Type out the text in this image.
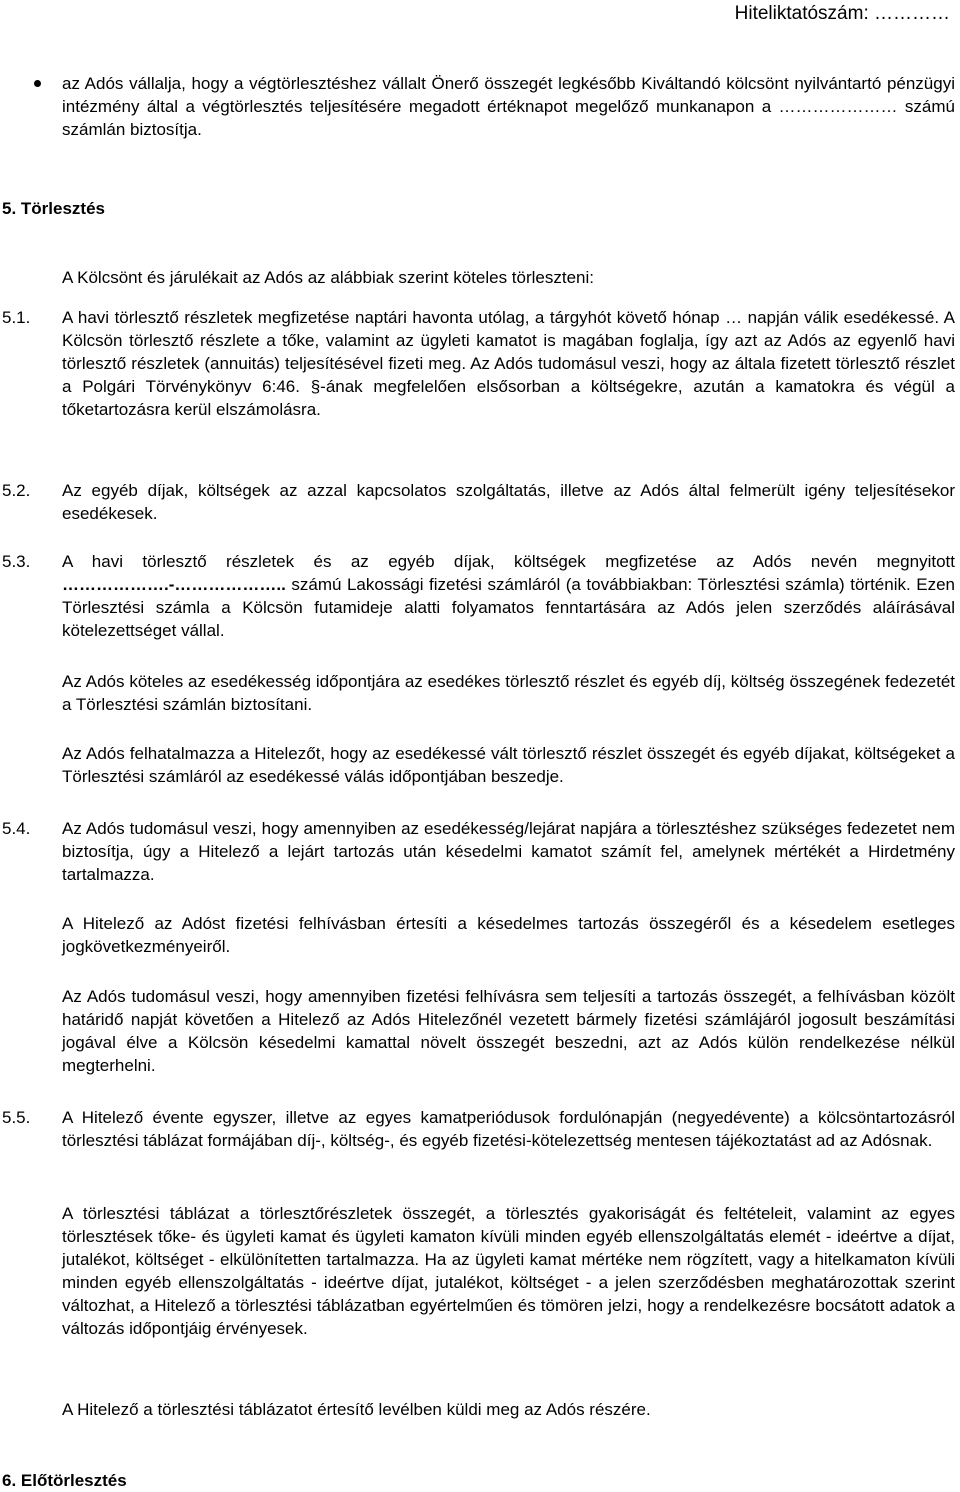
Hiteliktatószám: …………
az Adós vállalja, hogy a végtörlesztéshez vállalt Önerő összegét legkésőbb Kiváltandó kölcsönt nyilvántartó pénzügyi intézmény által a végtörlesztés teljesítésére megadott értéknapot megelőző munkanapon a ………………… számú számlán biztosítja.
5. Törlesztés
A Kölcsönt és járulékait az Adós az alábbiak szerint köteles törleszteni:
5.1.	A havi törlesztő részletek megfizetése naptári havonta utólag, a tárgyhót követő hónap … napján válik esedékessé. A Kölcsön törlesztő részlete a tőke, valamint az ügyleti kamatot is magában foglalja, így azt az Adós az egyenlő havi törlesztő részletek (annuitás) teljesítésével fizeti meg. Az Adós tudomásul veszi, hogy az általa fizetett törlesztő részlet a Polgári Törvénykönyv 6:46. §-ának megfelelően elsősorban a költségekre, azután a kamatokra és végül a tőketartozásra kerül elszámolásra.
5.2.	Az egyéb díjak, költségek az azzal kapcsolatos szolgáltatás, illetve az Adós által felmerült igény teljesítésekor esedékesek.
5.3.	A havi törlesztő részletek és az egyéb díjak, költségek megfizetése az Adós nevén megnyitott ……………….-……………….. számú Lakossági fizetési számláról (a továbbiakban: Törlesztési számla) történik. Ezen Törlesztési számla a Kölcsön futamideje alatti folyamatos fenntartására az Adós jelen szerződés aláírásával kötelezettséget vállal.

Az Adós köteles az esedékesség időpontjára az esedékes törlesztő részlet és egyéb díj, költség összegének fedezetét a Törlesztési számlán biztosítani.
Az Adós felhatalmazza a Hitelezőt, hogy az esedékessé vált törlesztő részlet összegét és egyéb díjakat, költségeket a Törlesztési számláról az esedékessé válás időpontjában beszedje.
5.4.	Az Adós tudomásul veszi, hogy amennyiben az esedékesség/lejárat napjára a törlesztéshez szükséges fedezetet nem biztosítja, úgy a Hitelező a lejárt tartozás után késedelmi kamatot számít fel, amelynek mértékét a Hirdetmény tartalmazza.
A Hitelező az Adóst fizetési felhívásban értesíti a késedelmes tartozás összegéről és a késedelem esetleges jogkövetkezményeiről.
Az Adós tudomásul veszi, hogy amennyiben fizetési felhívásra sem teljesíti a tartozás összegét, a felhívásban közölt határidő napját követően a Hitelező az Adós Hitelezőnél vezetett bármely fizetési számlájáról jogosult beszámítási jogával élve a Kölcsön késedelmi kamattal növelt összegét beszedni, azt az Adós külön rendelkezése nélkül megterhelni.
5.5.	A Hitelező évente egyszer, illetve az egyes kamatperiódusok fordulónapján (negyedévente) a kölcsöntartozásról törlesztési táblázat formájában díj-, költség-, és egyéb fizetési-kötelezettség mentesen tájékoztatást ad az Adósnak.
A törlesztési táblázat a törlesztőrészletek összegét, a törlesztés gyakoriságát és feltételeit, valamint az egyes törlesztések tőke- és ügyleti kamat és ügyleti kamaton kívüli minden egyéb ellenszolgáltatás elemét - ideértve a díjat, jutalékot, költséget - elkülönítetten tartalmazza. Ha az ügyleti kamat mértéke nem rögzített, vagy a hitelkamaton kívüli minden egyéb ellenszolgáltatás - ideértve díjat, jutalékot, költséget - a jelen szerződésben meghatározottak szerint változhat, a Hitelező a törlesztési táblázatban egyértelműen és tömören jelzi, hogy a rendelkezésre bocsátott adatok a változás időpontjáig érvényesek.
A Hitelező a törlesztési táblázatot értesítő levélben küldi meg az Adós részére.
6. Előtörlesztés
